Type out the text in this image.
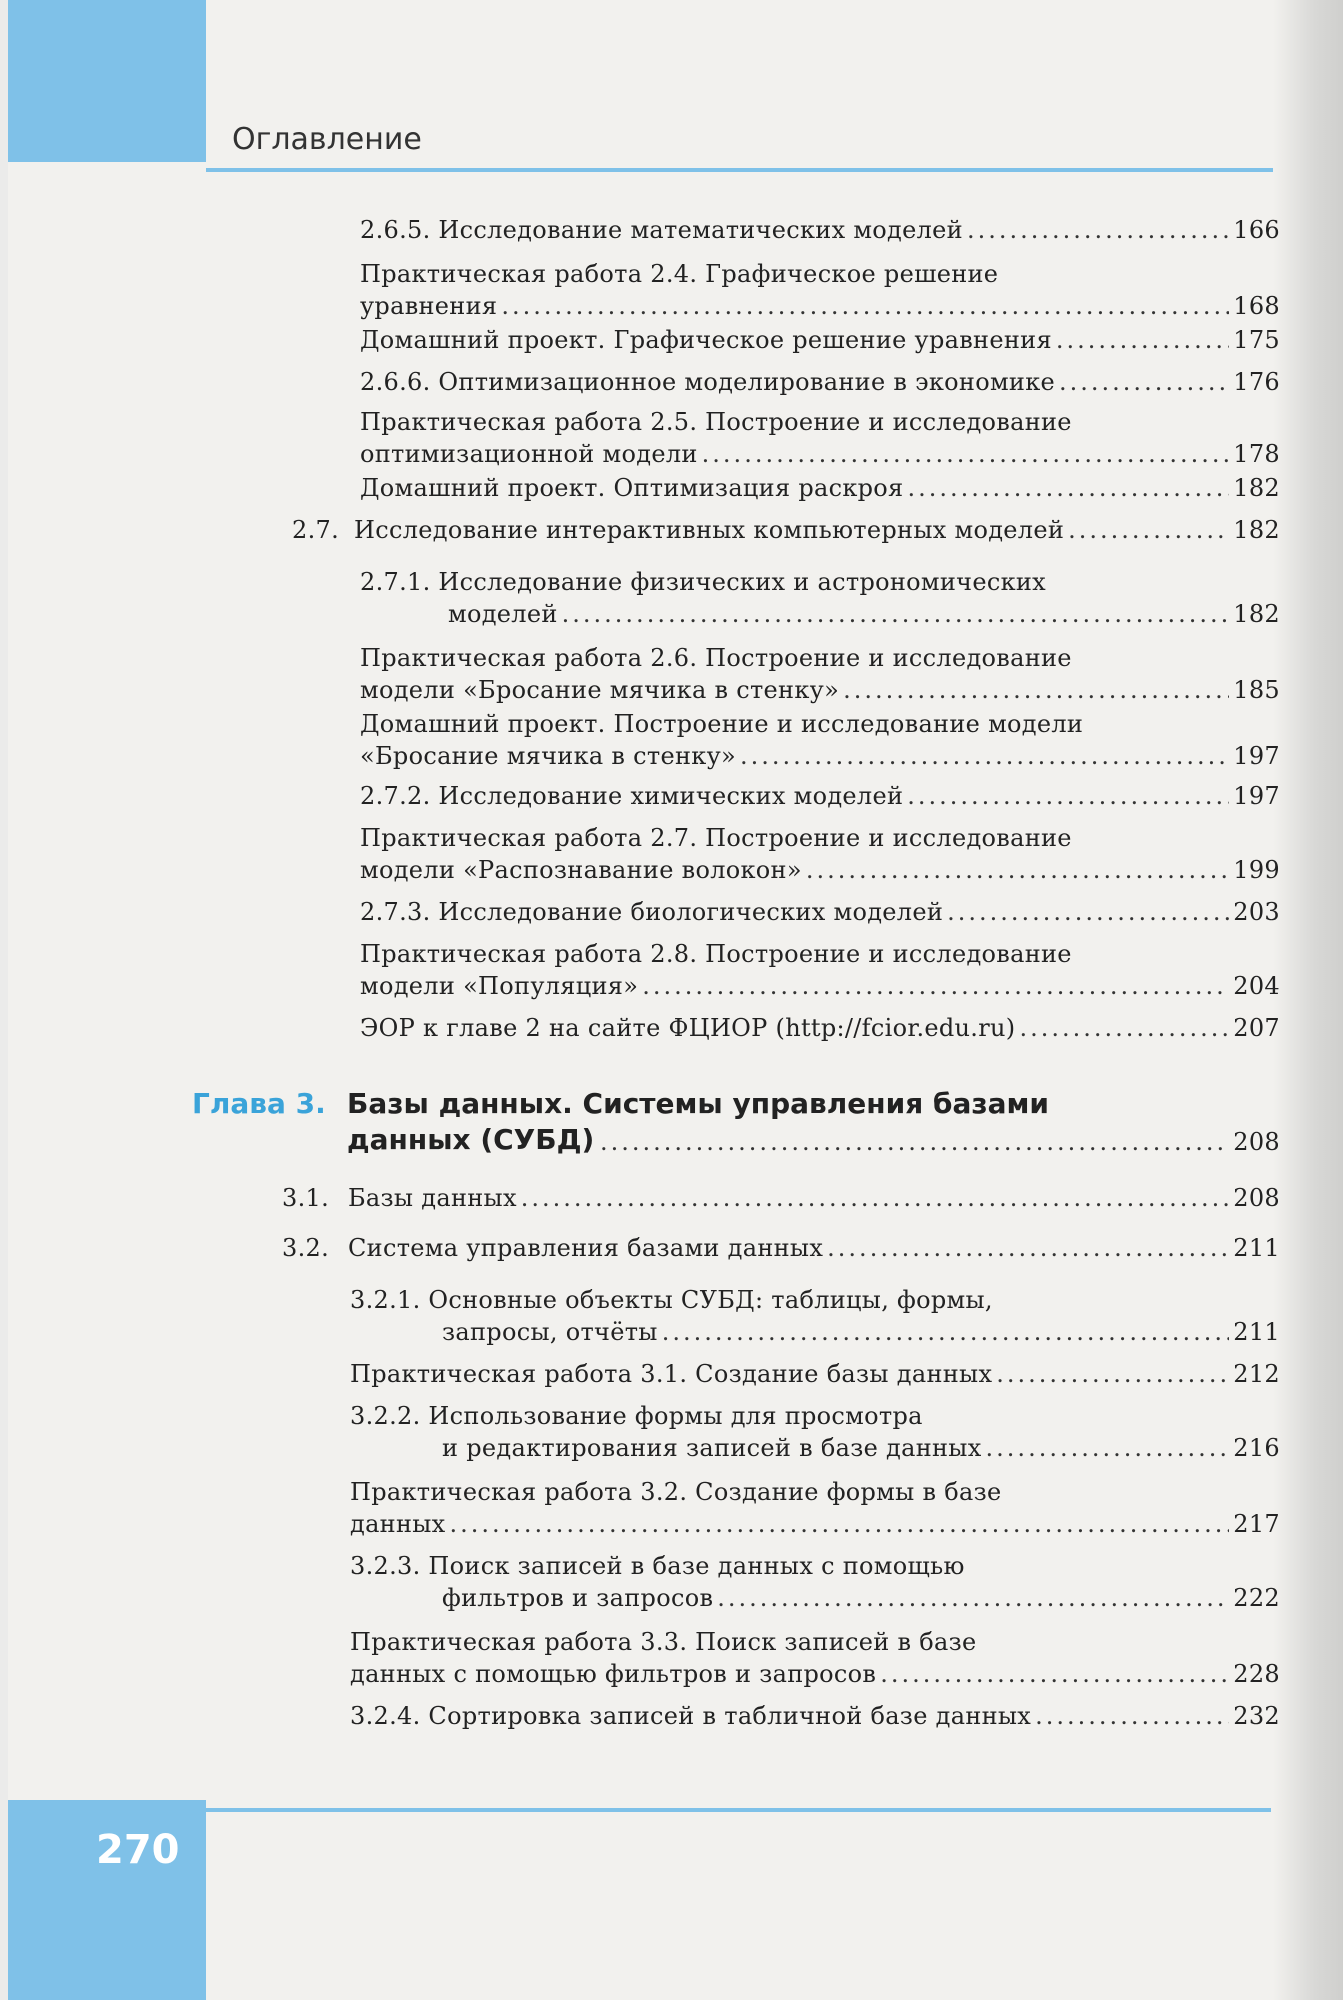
Оглавление
270
2.6.5. Исследование математических моделей .....	166
Практическая работа 2.4. Графическое решение
уравнения .....	168
Домашний проект. Графическое решение уравнения .....	175
2.6.6. Оптимизационное моделирование в экономике .....	176
Практическая работа 2.5. Построение и исследование
оптимизационной модели .....	178
Домашний проект. Оптимизация раскроя .....	182
2.7. Исследование интерактивных компьютерных моделей .....	182
2.7.1. Исследование физических и астрономических
моделей .....	182
Практическая работа 2.6. Построение и исследование
модели «Бросание мячика в стенку» .....	185
Домашний проект. Построение и исследование модели
«Бросание мячика в стенку» .....	197
2.7.2. Исследование химических моделей .....	197
Практическая работа 2.7. Построение и исследование
модели «Распознавание волокон» .....	199
2.7.3. Исследование биологических моделей .....	203
Практическая работа 2.8. Построение и исследование
модели «Популяция» .....	204
ЭОР к главе 2 на сайте ФЦИОР (http://fcior.edu.ru) .....	207
Глава 3. Базы данных. Системы управления базами
данных (СУБД) .....	208
3.1. Базы данных .....	208
3.2. Система управления базами данных .....	211
3.2.1. Основные объекты СУБД: таблицы, формы,
запросы, отчёты .....	211
Практическая работа 3.1. Создание базы данных .....	212
3.2.2. Использование формы для просмотра
и редактирования записей в базе данных .....	216
Практическая работа 3.2. Создание формы в базе
данных .....	217
3.2.3. Поиск записей в базе данных с помощью
фильтров и запросов .....	222
Практическая работа 3.3. Поиск записей в базе
данных с помощью фильтров и запросов .....	228
3.2.4. Сортировка записей в табличной базе данных .....	232
